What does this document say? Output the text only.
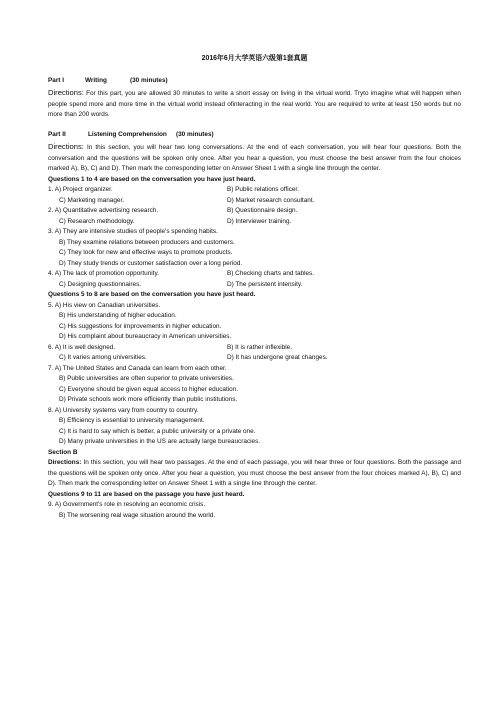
2016年6月大学英语六级第1套真题
Part I	Writing	(30 minutes)
Directions: For this part, you are allowed 30 minutes to write a short essay on living in the virtual world. Tryto imagine what will happen when people spend more and more time in the virtual world instead ofinteracting in the real world. You are required to write at least 150 words but no more than 200 words.
Part II	Listening Comprehension (30 minutes)
Directions: In this section, you will hear two long conversations. At the end of each conversation, you will hear four questions. Both the conversation and the questions will be spoken only once. After you hear a question, you must choose the best answer from the four choices marked A), B), C) and D). Then mark the corresponding letter on Answer Sheet 1 with a single line through the center.
Questions 1 to 4 are based on the conversation you have just heard.
1. A) Project organizer.	B) Public relations officer.
C) Marketing manager.	D) Market research consultant.
2. A) Quantitative advertising research.	B) Questionnaire design.
C) Research methodology.	D) Interviewer training.
3. A) They are intensive studies of people's spending habits.
B) They examine relations between producers and customers.
C) They look for new and effective ways to promote products.
D) They study trends or customer satisfaction over a long period.
4. A) The lack of promotion opportunity.	B) Checking charts and tables.
C) Designing questionnaires.	D) The persistent intensity.
Questions 5 to 8 are based on the conversation you have just heard.
5. A) His view on Canadian universities.
B) His understanding of higher education.
C) His suggestions for improvements in higher education.
D) His complaint about bureaucracy in American universities.
6. A) It is well designed.	B) It is rather inflexible.
C) It varies among universities.	D) It has undergone great changes.
7. A) The United States and Canada can learn from each other.
B) Public universities are often superior to private universities.
C) Everyone should be given equal access to higher education.
D) Private schools work more efficiently than public institutions.
8. A) University systems vary from country to country.
B) Efficiency is essential to university management.
C) It is hard to say which is better, a public university or a private one.
D) Many private universities in the US are actually large bureaucracies.
Section B
Directions: In this section, you will hear two passages. At the end of each passage, you will hear three or four questions. Both the passage and the questions will be spoken only once. After you hear a question, you must choose the best answer from the four choices marked A), B), C) and D). Then mark the corresponding letter on Answer Sheet 1 with a single line through the center.
Questions 9 to 11 are based on the passage you have just heard.
9. A) Government's role in resolving an economic crisis.
B) The worsening real wage situation around the world.
